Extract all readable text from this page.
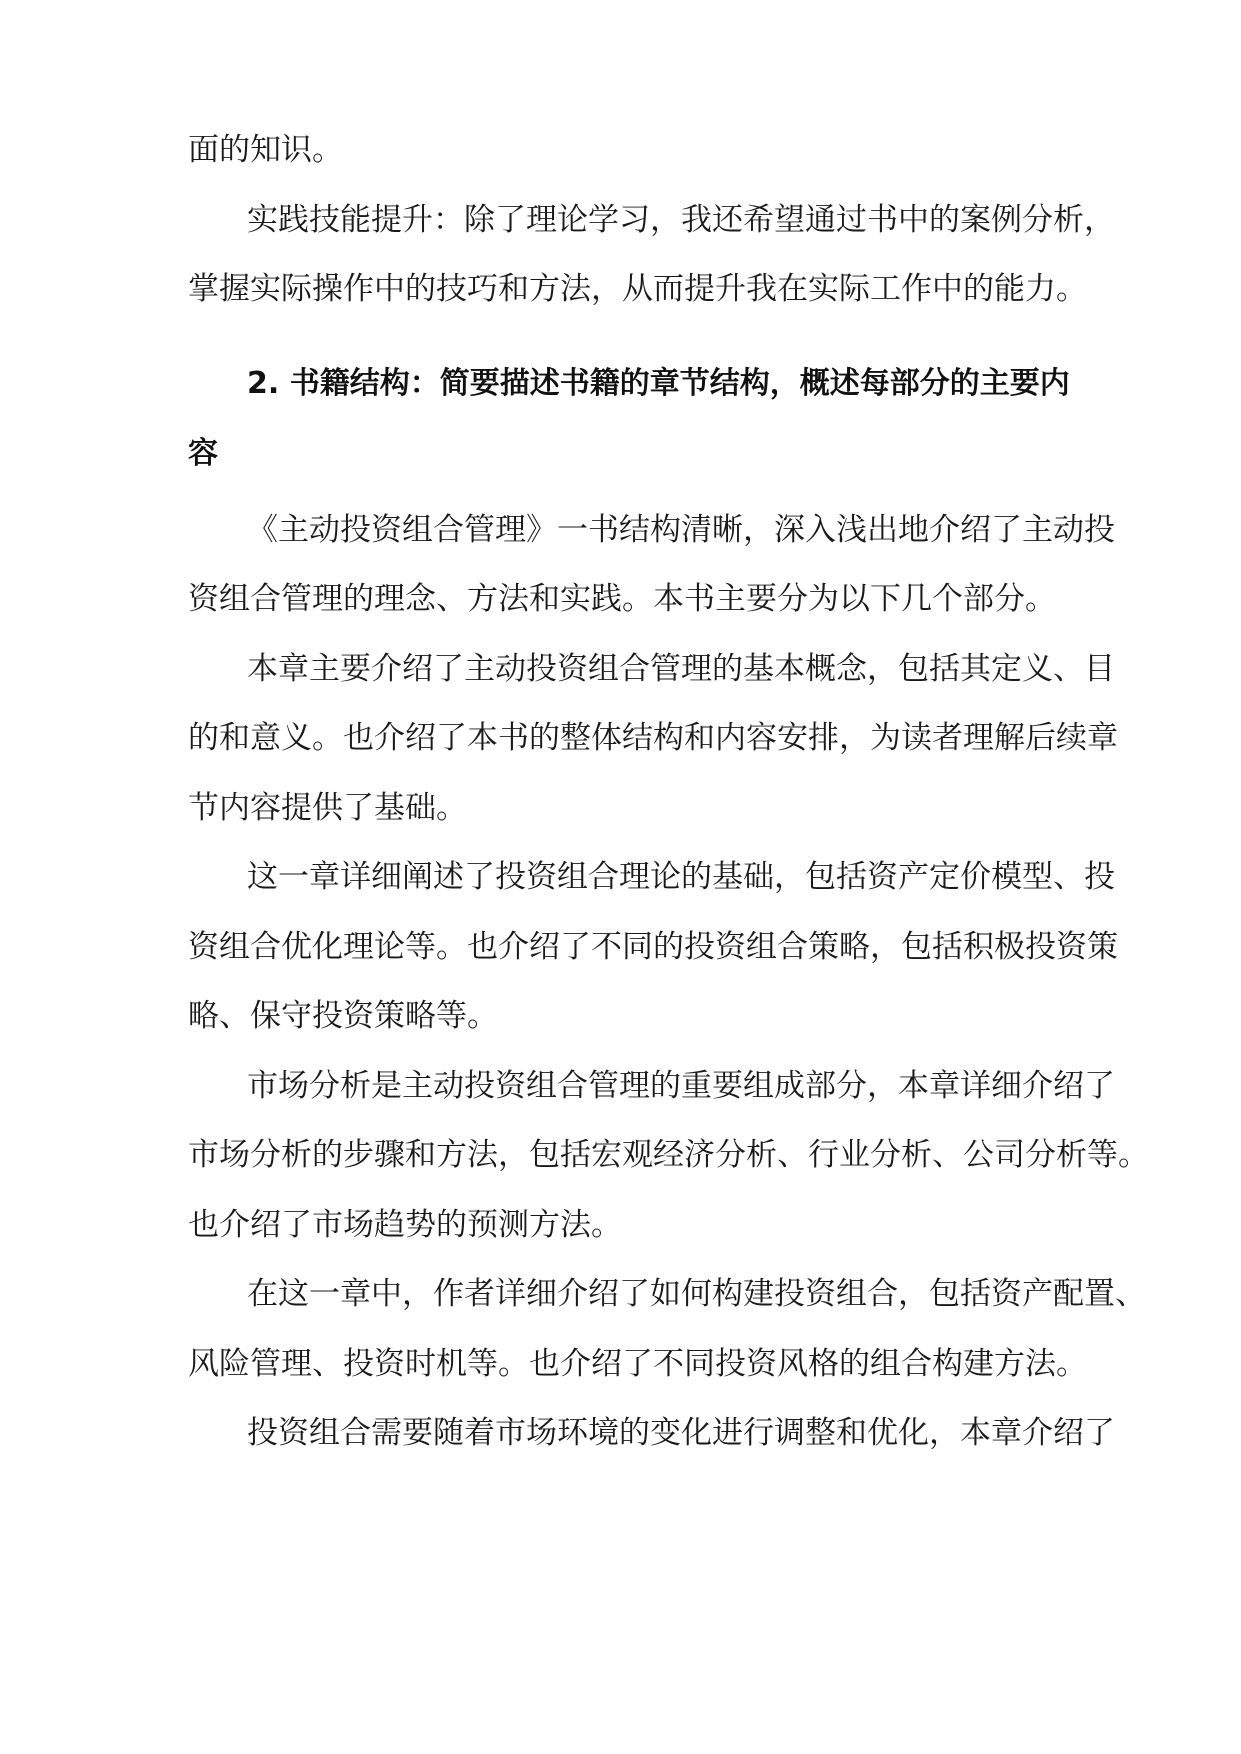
面的知识。
实践技能提升：除了理论学习，我还希望通过书中的案例分析，
掌握实际操作中的技巧和方法，从而提升我在实际工作中的能力。
2. 书籍结构：简要描述书籍的章节结构，概述每部分的主要内
容
《主动投资组合管理》一书结构清晰，深入浅出地介绍了主动投
资组合管理的理念、方法和实践。本书主要分为以下几个部分。
本章主要介绍了主动投资组合管理的基本概念，包括其定义、目
的和意义。也介绍了本书的整体结构和内容安排，为读者理解后续章
节内容提供了基础。
这一章详细阐述了投资组合理论的基础，包括资产定价模型、投
资组合优化理论等。也介绍了不同的投资组合策略，包括积极投资策
略、保守投资策略等。
市场分析是主动投资组合管理的重要组成部分，本章详细介绍了
市场分析的步骤和方法，包括宏观经济分析、行业分析、公司分析等。
也介绍了市场趋势的预测方法。
在这一章中，作者详细介绍了如何构建投资组合，包括资产配置、
风险管理、投资时机等。也介绍了不同投资风格的组合构建方法。
投资组合需要随着市场环境的变化进行调整和优化，本章介绍了
